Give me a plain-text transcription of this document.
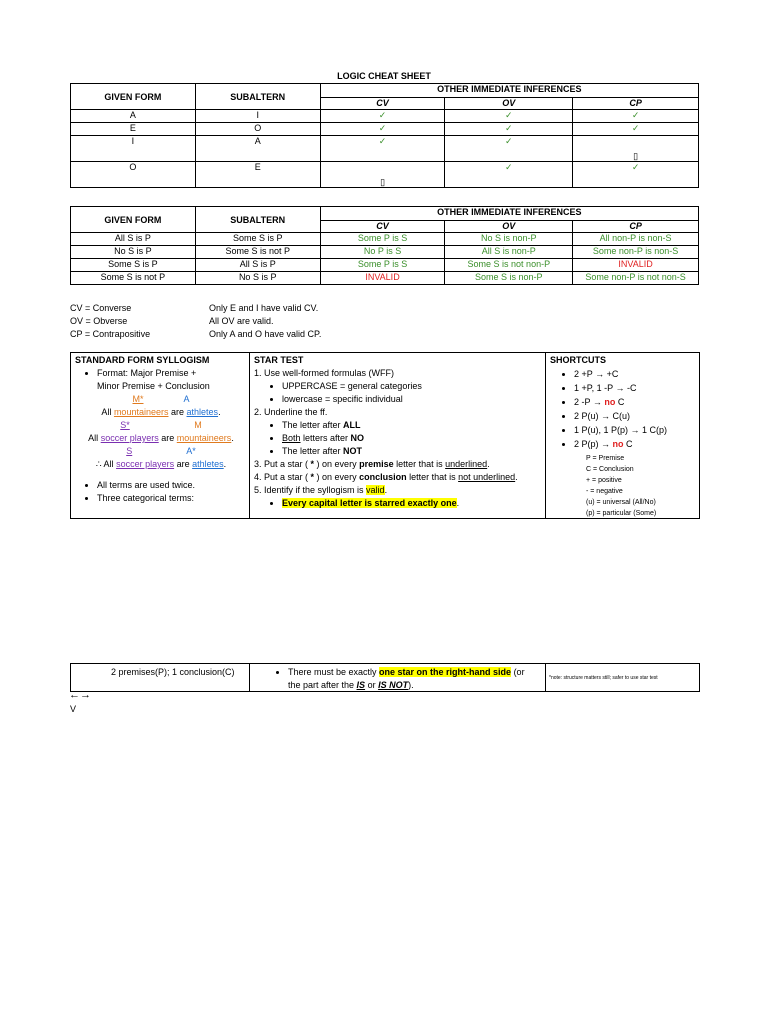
LOGIC CHEAT SHEET
GIVEN FORM	SUBALTERN	OTHER IMMEDIATE INFERENCES		
		CV	OV	CP
A	I	✓	✓	✓
E	O	✓	✓	✓
I	A	✓	✓	▯
O	E	▯	✓	✓
GIVEN FORM	SUBALTERN	OTHER IMMEDIATE INFERENCES		
		CV	OV	CP
All S is P	Some S is P	Some P is S	No S is non-P	All non-P is non-S
No S is P	Some S is not P	No P is S	All S is non-P	Some non-P is non-S
Some S is P	All S is P	Some P is S	Some S is not non-P	INVALID
Some S is not P	No S is P	INVALID	Some S is non-P	Some non-P is not non-S
CV = Converse
OV = Obverse
CP = Contrapositive
Only E and I have valid CV.
All OV are valid.
Only A and O have valid CP.
STANDARD FORM SYLLOGISM
• Format: Major Premise +
Minor Premise + Conclusion
M*	A
All mountaineers are athletes.
S*	M
All soccer players are mountaineers.
S	A*
∴ All soccer players are athletes.
• All terms are used twice.
• Three categorical terms:
STAR TEST
1. Use well-formed formulas (WFF)
• UPPERCASE = general categories
• lowercase = specific individual
2. Underline the ff.
• The letter after ALL
• Both letters after NO
• The letter after NOT
3. Put a star ( * ) on every premise letter that is underlined.
4. Put a star ( * ) on every conclusion letter that is not underlined.
5. Identify if the syllogism is valid.
• Every capital letter is starred exactly one.
SHORTCUTS
• 2 +P → +C
• 1 +P, 1 -P → -C
• 2 -P → no C
• 2 P(u) → C(u)
• 1 P(u), 1 P(p) → 1 C(p)
• 2 P(p) → no C
P = Premise
C = Conclusion
+ = positive
- = negative
(u) = universal (All/No)
(p) = particular (Some)
2 premises(P); 1 conclusion(C)	• There must be exactly one star on the right-hand side (or
the part after the IS or IS NOT).
*note: structure matters still; safer to use star test
←→
V
